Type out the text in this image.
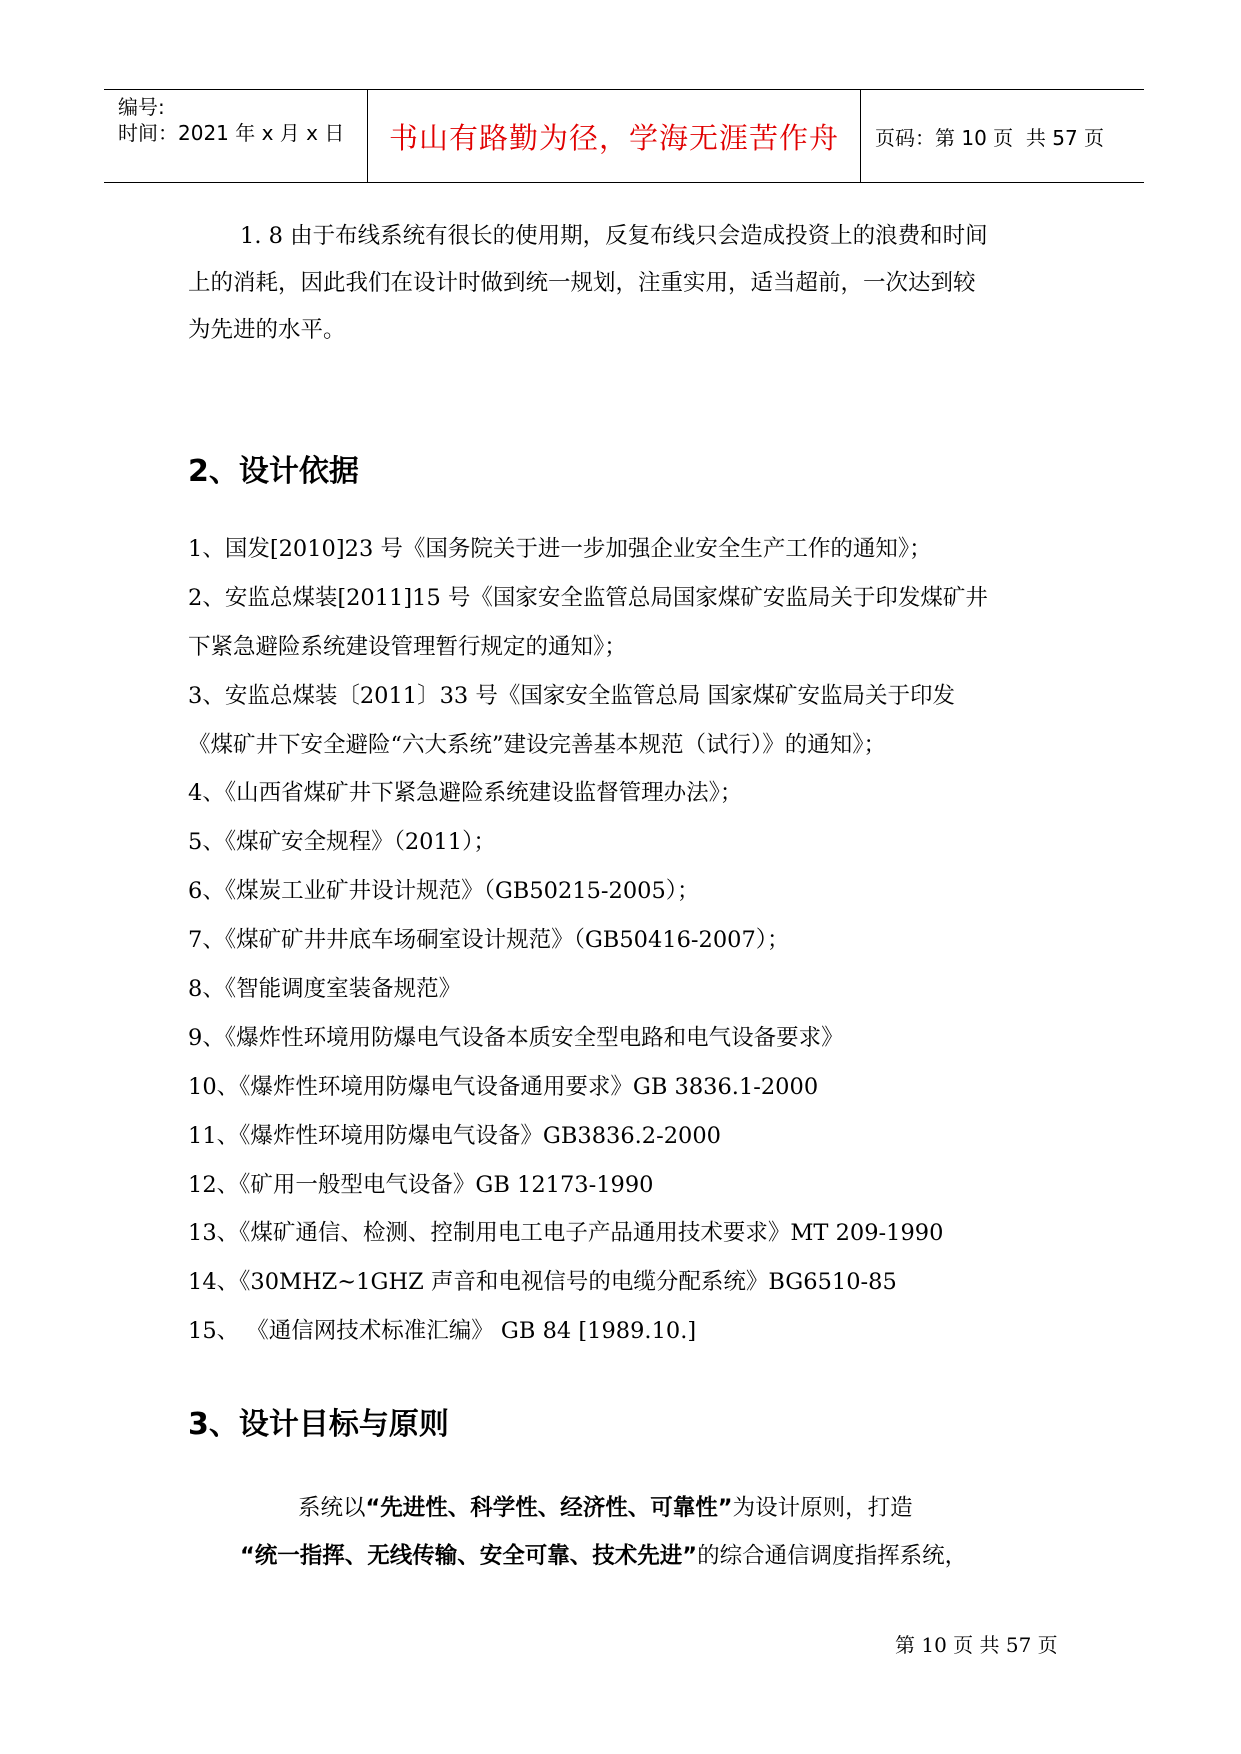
编号:
时间：2021 年 x 月 x 日 书山有路勤为径，学海无涯苦作舟	页码：第 10 页  共 57 页
1. 8 由于布线系统有很长的使用期，反复布线只会造成投资上的浪费和时间
上的消耗，因此我们在设计时做到统一规划，注重实用，适当超前，一次达到较
为先进的水平。
2、设计依据
1、国发[2010]23 号《国务院关于进一步加强企业安全生产工作的通知》；
2、安监总煤装[2011]15 号《国家安全监管总局国家煤矿安监局关于印发煤矿井
下紧急避险系统建设管理暂行规定的通知》；
3、安监总煤装〔2011〕33 号《国家安全监管总局 国家煤矿安监局关于印发
《煤矿井下安全避险“六大系统”建设完善基本规范（试行）》的通知》；
4、《山西省煤矿井下紧急避险系统建设监督管理办法》；
5、《煤矿安全规程》（2011）；
6、《煤炭工业矿井设计规范》（GB50215-2005）；
7、《煤矿矿井井底车场硐室设计规范》（GB50416-2007）；
8、《智能调度室装备规范》
9、《爆炸性环境用防爆电气设备本质安全型电路和电气设备要求》
10、《爆炸性环境用防爆电气设备通用要求》GB 3836.1-2000
11、《爆炸性环境用防爆电气设备》GB3836.2-2000
12、《矿用一般型电气设备》GB 12173-1990
13、《煤矿通信、检测、控制用电工电子产品通用技术要求》MT 209-1990
14、《30MHZ~1GHZ 声音和电视信号的电缆分配系统》BG6510-85
15、 《通信网技术标准汇编》 GB 84 [1989.10.]
3、设计目标与原则
系统以“先进性、科学性、经济性、可靠性”为设计原则，打造
“统一指挥、无线传输、安全可靠、技术先进”的综合通信调度指挥系统，
第 10 页 共 57 页
